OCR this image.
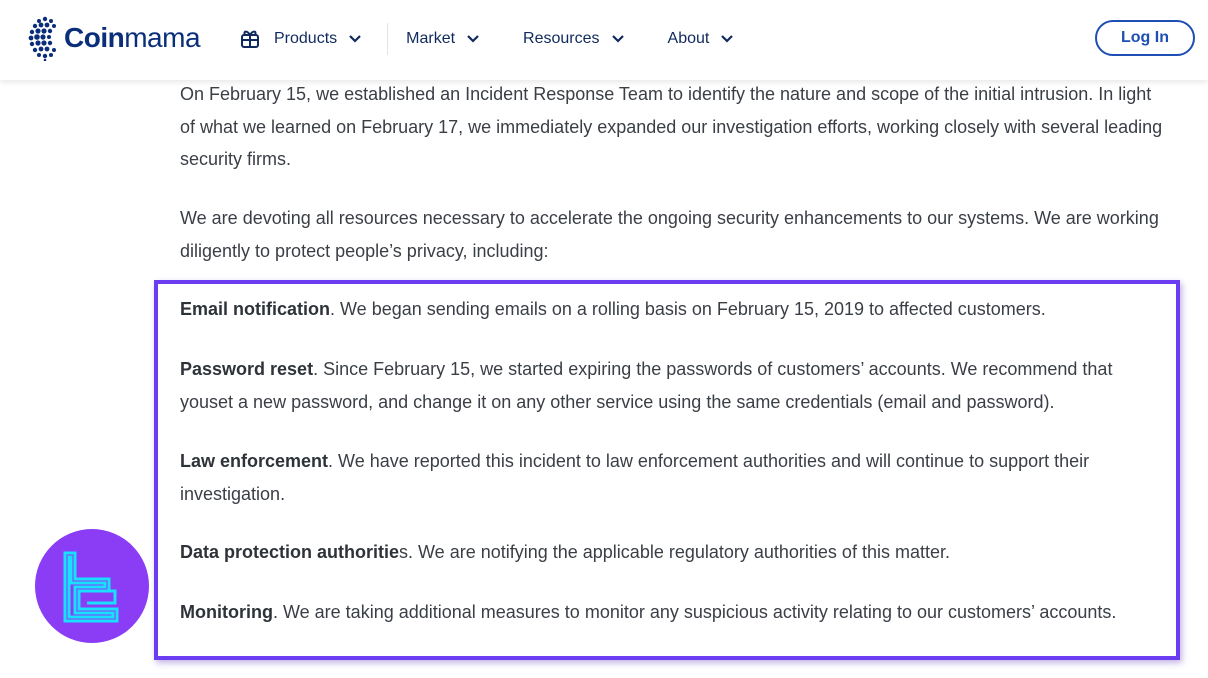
Coinmama	Products	Market	Resources	About	Log In

On February 15, we established an Incident Response Team to identify the nature and scope of the initial intrusion. In light of what we learned on February 17, we immediately expanded our investigation efforts, working closely with several leading security firms.

We are devoting all resources necessary to accelerate the ongoing security enhancements to our systems. We are working diligently to protect people’s privacy, including:

Email notification. We began sending emails on a rolling basis on February 15, 2019 to affected customers.
Password reset. Since February 15, we started expiring the passwords of customers’ accounts. We recommend that youset a new password, and change it on any other service using the same credentials (email and password).
Law enforcement. We have reported this incident to law enforcement authorities and will continue to support their investigation.
Data protection authorities. We are notifying the applicable regulatory authorities of this matter.
Monitoring. We are taking additional measures to monitor any suspicious activity relating to our customers’ accounts.
